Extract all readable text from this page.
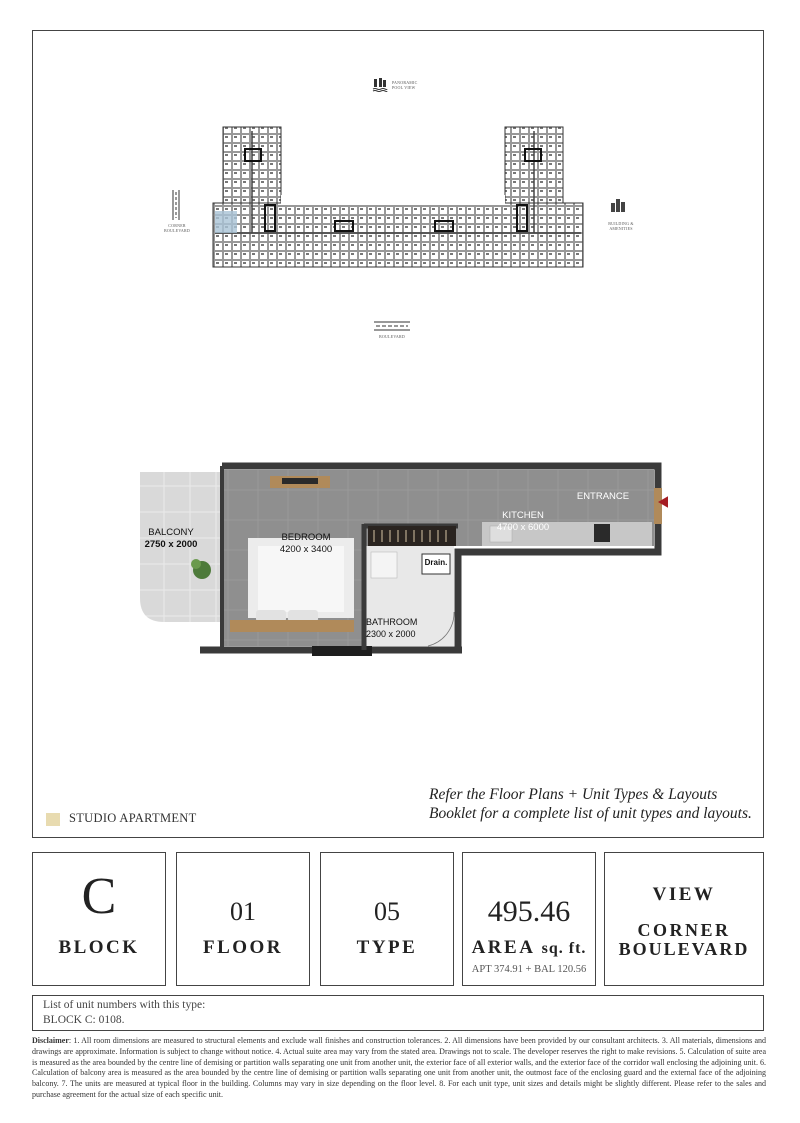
PANORAMIC
POOL VIEW
CORNER
BOULEVARD
BUILDING &
AMENITIES
BOULEVARD
BALCONY
2750 x 2000
BEDROOM
4200 x 3400
KITCHEN
4700 x 6000
ENTRANCE
BATHROOM
2300 x 2000
Drain.
STUDIO APARTMENT
Refer the Floor Plans + Unit Types & Layouts Booklet for a complete list of unit types and layouts.
C
BLOCK
01
FLOOR
05
TYPE
495.46
AREA sq. ft.
APT 374.91 + BAL 120.56
VIEW
CORNER
BOULEVARD
List of unit numbers with this type:
BLOCK C: 0108.
Disclaimer: 1. All room dimensions are measured to structural elements and exclude wall finishes and construction tolerances. 2. All dimensions have been provided by our consultant architects. 3. All materials, dimensions and drawings are approximate. Information is subject to change without notice. 4. Actual suite area may vary from the stated area. Drawings not to scale. The developer reserves the right to make revisions. 5. Calculation of suite area is measured as the area bounded by the centre line of demising or partition walls separating one unit from another unit, the exterior face of all exterior walls, and the exterior face of the corridor wall enclosing the adjoining unit. 6. Calculation of balcony area is measured as the area bounded by the centre line of demising or partition walls separating one unit from another unit, the outmost face of the enclosing guard and the external face of the adjoining balcony. 7. The units are measured at typical floor in the building. Columns may vary in size depending on the floor level. 8. For each unit type, unit sizes and details might be slightly different. Please refer to the sales and purchase agreement for the actual size of each specific unit.
